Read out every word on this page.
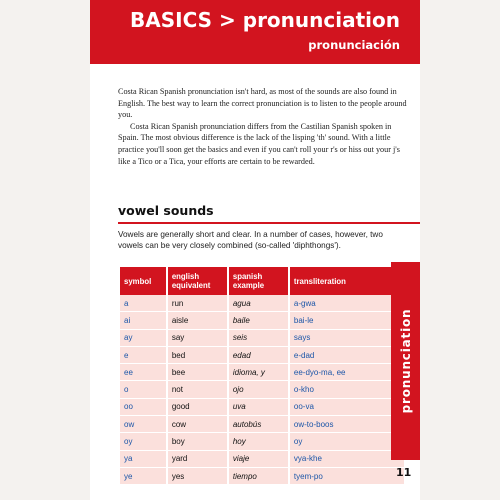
BASICS > pronunciation
pronunciación

Costa Rican Spanish pronunciation isn't hard, as most of the sounds are also found in English. The best way to learn the correct pronunciation is to listen to the people around you.

Costa Rican Spanish pronunciation differs from the Castilian Spanish spoken in Spain. The most obvious difference is the lack of the lisping 'th' sound. With a little practice you'll soon get the basics and even if you can't roll your r's or hiss out your j's like a Tico or a Tica, your efforts are certain to be rewarded.

vowel sounds
Vowels are generally short and clear. In a number of cases, however, two vowels can be very closely combined (so-called 'diphthongs').
symbol	english equivalent	spanish example	transliteration
a	run	agua	a-gwa
ai	aisle	baile	bai-le
ay	say	seis	says
e	bed	edad	e-dad
ee	bee	idioma, y	ee-dyo-ma, ee
o	not	ojo	o-kho
oo	good	uva	oo-va
ow	cow	autobús	ow-to-boos
oy	boy	hoy	oy
ya	yard	viaje	vya-khe
ye	yes	tiempo	tyem-po
pronunciation
11
